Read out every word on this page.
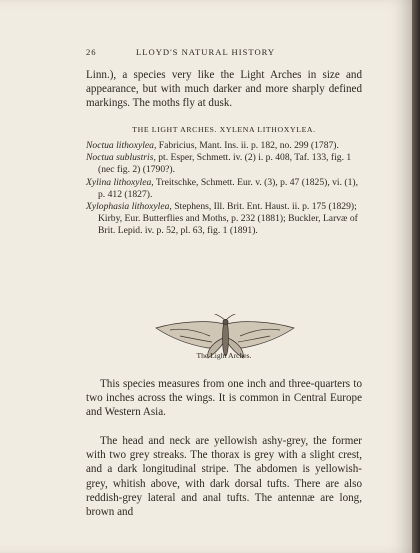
26	LLOYD'S NATURAL HISTORY

Linn.), a species very like the Light Arches in size and appearance, but with much darker and more sharply defined markings. The moths fly at dusk.

THE LIGHT ARCHES. XYLENA LITHOXYLEA.
Noctua lithoxylea, Fabricius, Mant. Ins. ii. p. 182, no. 299 (1787).
Noctua sublustris, pt. Esper, Schmett. iv. (2) i. p. 408, Taf. 133, fig. 1 (nec fig. 2) (1790?).
Xylina lithoxylea, Treitschke, Schmett. Eur. v. (3), p. 47 (1825), vi. (1), p. 412 (1827).
Xylophasia lithoxylea, Stephens, Ill. Brit. Ent. Haust. ii. p. 175 (1829); Kirby, Eur. Butterflies and Moths, p. 232 (1881); Buckler, Larvæ of Brit. Lepid. iv. p. 52, pl. 63, fig. 1 (1891).
The Light Arches.

This species measures from one inch and three-quarters to two inches across the wings. It is common in Central Europe and Western Asia.

The head and neck are yellowish ashy-grey, the former with two grey streaks. The thorax is grey with a slight crest, and a dark longitudinal stripe. The abdomen is yellowish-grey, whitish above, with dark dorsal tufts. There are also reddish-grey lateral and anal tufts. The antennæ are long, brown and
